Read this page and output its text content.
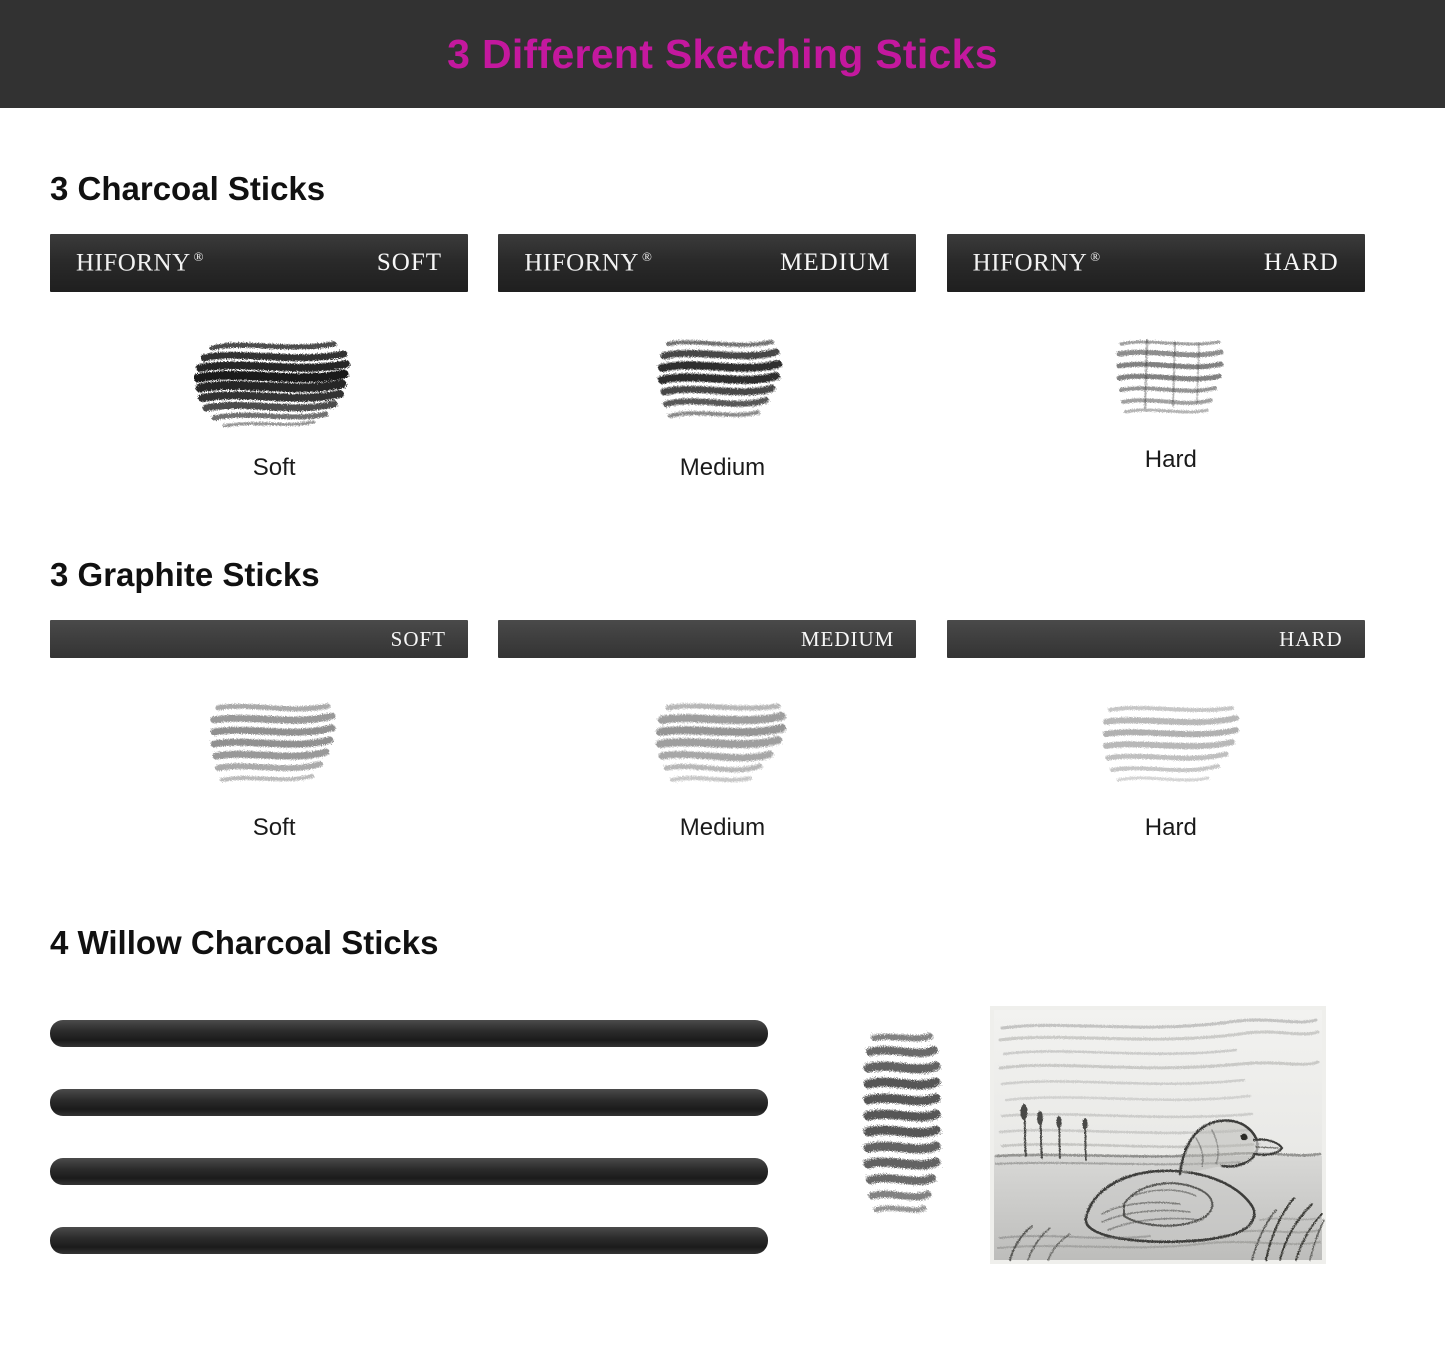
3 Different Sketching Sticks
3 Charcoal Sticks
HIFORNY ®	SOFT
Soft
HIFORNY ®	MEDIUM
Medium
HIFORNY ®	HARD
Hard
3 Graphite Sticks
SOFT
Soft
MEDIUM
Medium
HARD
Hard
4 Willow Charcoal Sticks
